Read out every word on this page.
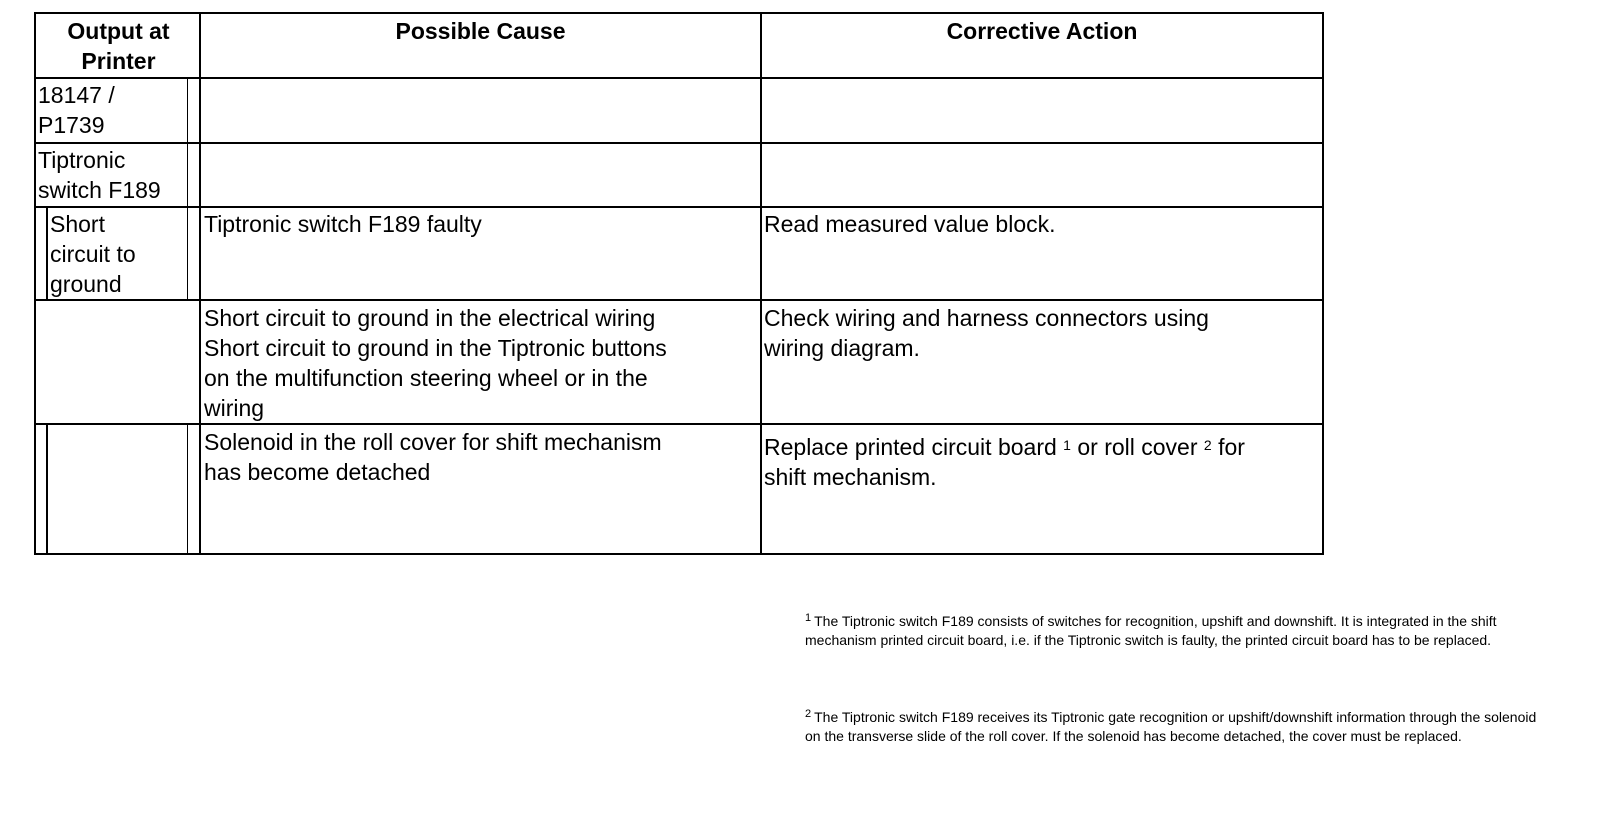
Output at Printer
Possible Cause	Corrective Action
18147 /
P1739
Tiptronic
switch F189
Short
circuit to
ground
Tiptronic switch F189 faulty	Read measured value block.
Short circuit to ground in the electrical wiring
Short circuit to ground in the Tiptronic buttons
on the multifunction steering wheel or in the
wiring
Check wiring and harness connectors using
wiring diagram.
Solenoid in the roll cover for shift mechanism
has become detached
Replace printed circuit board $^1$ or roll cover $^2$ for
shift mechanism.
$^1$ The Tiptronic switch F189 consists of switches for recognition, upshift and downshift. It is integrated in the shift mechanism printed circuit board, i.e. if the Tiptronic switch is faulty, the printed circuit board has to be replaced.
$^2$ The Tiptronic switch F189 receives its Tiptronic gate recognition or upshift/downshift information through the solenoid on the transverse slide of the roll cover. If the solenoid has become detached, the cover must be replaced.
